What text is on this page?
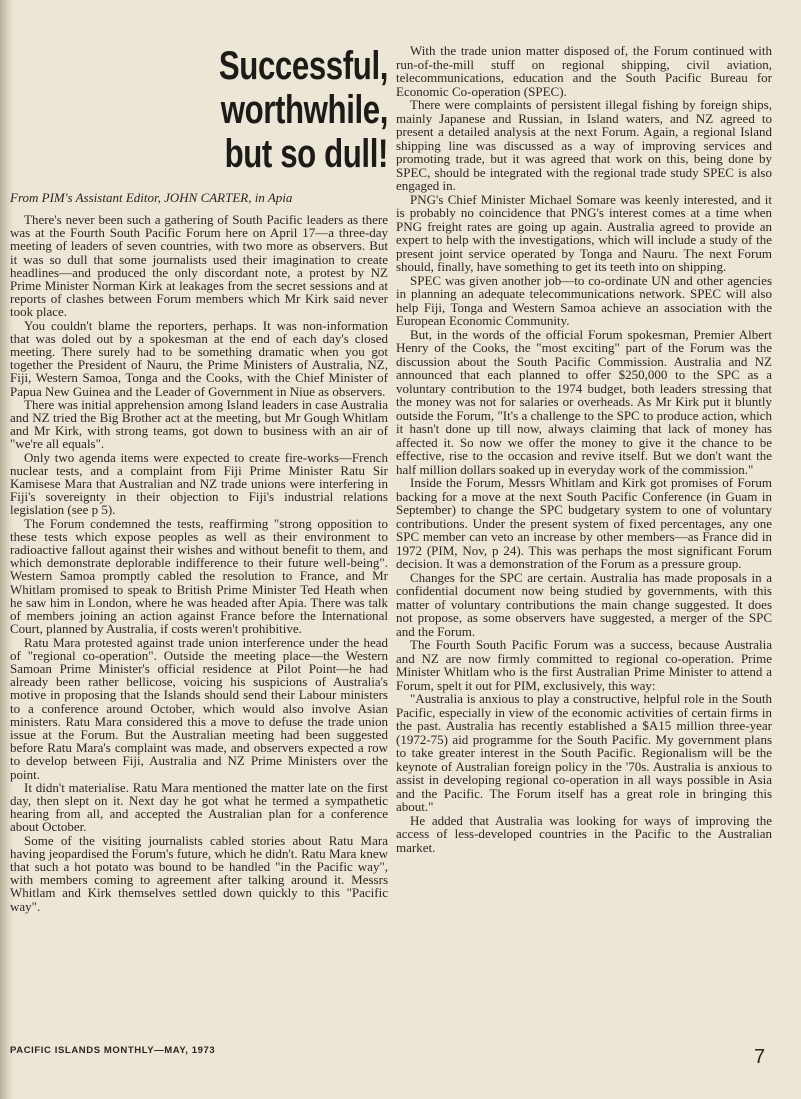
Successful, worthwhile,
but so dull!
From PIM's Assistant Editor, JOHN CARTER, in Apia

There's never been such a gathering of South Pacific leaders as there was at the Fourth South Pacific Forum here on April 17—a three-day meeting of leaders of seven countries, with two more as observers. But it was so dull that some journalists used their imagination to create headlines—and produced the only discordant note, a protest by NZ Prime Minister Norman Kirk at leakages from the secret sessions and at reports of clashes between Forum members which Mr Kirk said never took place.

You couldn't blame the reporters, perhaps. It was non-information that was doled out by a spokesman at the end of each day's closed meeting. There surely had to be something dramatic when you got together the President of Nauru, the Prime Ministers of Australia, NZ, Fiji, Western Samoa, Tonga and the Cooks, with the Chief Minister of Papua New Guinea and the Leader of Government in Niue as observers.

There was initial apprehension among Island leaders in case Australia and NZ tried the Big Brother act at the meeting, but Mr Gough Whitlam and Mr Kirk, with strong teams, got down to business with an air of "we're all equals".

Only two agenda items were expected to create fire-works—French nuclear tests, and a complaint from Fiji Prime Minister Ratu Sir Kamisese Mara that Australian and NZ trade unions were interfering in Fiji's sovereignty in their objection to Fiji's industrial relations legislation (see p 5).

The Forum condemned the tests, reaffirming "strong opposition to these tests which expose peoples as well as their environment to radioactive fallout against their wishes and without benefit to them, and which demonstrate deplorable indifference to their future well-being". Western Samoa promptly cabled the resolution to France, and Mr Whitlam promised to speak to British Prime Minister Ted Heath when he saw him in London, where he was headed after Apia. There was talk of members joining an action against France before the International Court, planned by Australia, if costs weren't prohibitive.

Ratu Mara protested against trade union interference under the head of "regional co-operation". Outside the meeting place—the Western Samoan Prime Minister's official residence at Pilot Point—he had already been rather bellicose, voicing his suspicions of Australia's motive in proposing that the Islands should send their Labour ministers to a conference around October, which would also involve Asian ministers. Ratu Mara considered this a move to defuse the trade union issue at the Forum. But the Australian meeting had been suggested before Ratu Mara's complaint was made, and observers expected a row to develop between Fiji, Australia and NZ Prime Ministers over the point.

It didn't materialise. Ratu Mara mentioned the matter late on the first day, then slept on it. Next day he got what he termed a sympathetic hearing from all, and accepted the Australian plan for a conference about October.

Some of the visiting journalists cabled stories about Ratu Mara having jeopardised the Forum's future, which he didn't. Ratu Mara knew that such a hot potato was bound to be handled "in the Pacific way", with members coming to agreement after talking around it. Messrs Whitlam and Kirk themselves settled down quickly to this "Pacific way".

With the trade union matter disposed of, the Forum continued with run-of-the-mill stuff on regional shipping, civil aviation, telecommunications, education and the South Pacific Bureau for Economic Co-operation (SPEC).

There were complaints of persistent illegal fishing by foreign ships, mainly Japanese and Russian, in Island waters, and NZ agreed to present a detailed analysis at the next Forum. Again, a regional Island shipping line was discussed as a way of improving services and promoting trade, but it was agreed that work on this, being done by SPEC, should be integrated with the regional trade study SPEC is also engaged in.

PNG's Chief Minister Michael Somare was keenly interested, and it is probably no coincidence that PNG's interest comes at a time when PNG freight rates are going up again. Australia agreed to provide an expert to help with the investigations, which will include a study of the present joint service operated by Tonga and Nauru. The next Forum should, finally, have something to get its teeth into on shipping.

SPEC was given another job—to co-ordinate UN and other agencies in planning an adequate telecommunications network. SPEC will also help Fiji, Tonga and Western Samoa achieve an association with the European Economic Community.

But, in the words of the official Forum spokesman, Premier Albert Henry of the Cooks, the "most exciting" part of the Forum was the discussion about the South Pacific Commission. Australia and NZ announced that each planned to offer $250,000 to the SPC as a voluntary contribution to the 1974 budget, both leaders stressing that the money was not for salaries or overheads. As Mr Kirk put it bluntly outside the Forum, "It's a challenge to the SPC to produce action, which it hasn't done up till now, always claiming that lack of money has affected it. So now we offer the money to give it the chance to be effective, rise to the occasion and revive itself. But we don't want the half million dollars soaked up in everyday work of the commission."

Inside the Forum, Messrs Whitlam and Kirk got promises of Forum backing for a move at the next South Pacific Conference (in Guam in September) to change the SPC budgetary system to one of voluntary contributions. Under the present system of fixed percentages, any one SPC member can veto an increase by other members—as France did in 1972 (PIM, Nov, p 24). This was perhaps the most significant Forum decision. It was a demonstration of the Forum as a pressure group.

Changes for the SPC are certain. Australia has made proposals in a confidential document now being studied by governments, with this matter of voluntary contributions the main change suggested. It does not propose, as some observers have suggested, a merger of the SPC and the Forum.

The Fourth South Pacific Forum was a success, because Australia and NZ are now firmly committed to regional co-operation. Prime Minister Whitlam who is the first Australian Prime Minister to attend a Forum, spelt it out for PIM, exclusively, this way:

"Australia is anxious to play a constructive, helpful role in the South Pacific, especially in view of the economic activities of certain firms in the past. Australia has recently established a $A15 million three-year (1972-75) aid programme for the South Pacific. My government plans to take greater interest in the South Pacific. Regionalism will be the keynote of Australian foreign policy in the '70s. Australia is anxious to assist in developing regional co-operation in all ways possible in Asia and the Pacific. The Forum itself has a great role in bringing this about."

He added that Australia was looking for ways of improving the access of less-developed countries in the Pacific to the Australian market.

PACIFIC ISLANDS MONTHLY—MAY, 1973	7
